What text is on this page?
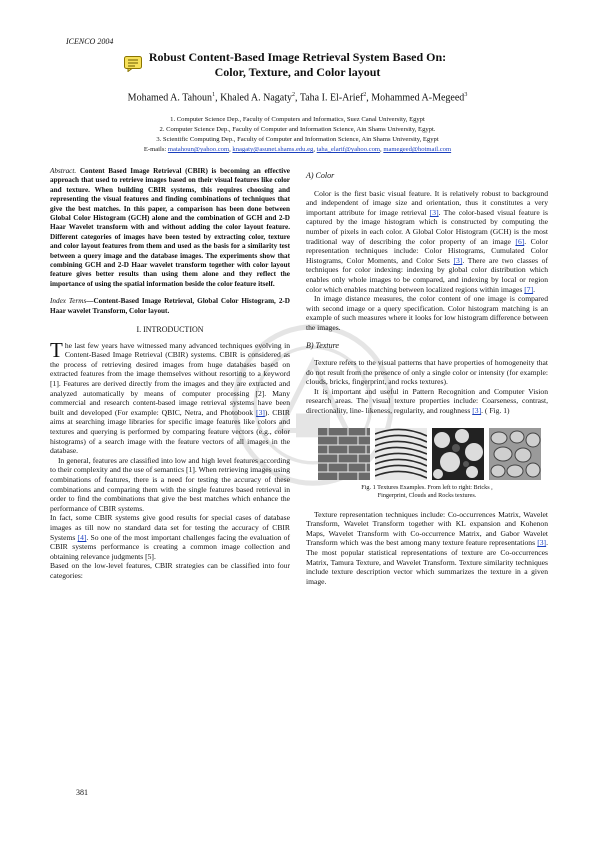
ICENCO 2004
Robust Content-Based Image Retrieval System Based On:
Color, Texture, and Color layout
Mohamed A. Tahoun$^1$, Khaled A. Nagaty$^2$, Taha I. El-Arief$^2$, Mohammed A-Megeed$^3$
1. Computer Science Dep., Faculty of Computers and Informatics, Suez Canal University, Egypt
2. Computer Science Dep., Faculty of Computer and Information Science, Ain Shams University, Egypt.
3. Scientific Computing Dep., Faculty of Computer and Information Science, Ain Shams University, Egypt
E-mails: matahoun@yahoo.com, knagaty@asunet.shams.edu.eg, taha_elarif@yahoo.com, mamegeed@hotmail.com

Abstract. Content Based Image Retrieval (CBIR) is becoming an effective approach that used to retrieve images based on their visual features like color and texture. When building CBIR systems, this requires choosing and representing the visual features and finding combinations of techniques that give the best matches. In this paper, a comparison has been done between Global Color Histogram (GCH) alone and the combination of GCH and 2-D Haar Wavelet transform with and without adding the color layout feature. Different categories of images have been tested by extracting color, texture and color layout features from them and used as the basis for a similarity test between a query image and the database images. The experiments show that combining GCH and 2-D Haar wavelet transform together with color layout feature gives better results than using them alone and they reflect the importance of using the spatial information beside the color feature itself.

Index Terms—Content-Based Image Retrieval, Global Color Histogram, 2-D Haar wavelet Transform, Color layout.

I. INTRODUCTION

The last few years have witnessed many advanced techniques evolving in Content-Based Image Retrieval (CBIR) systems. CBIR is considered as the process of retrieving desired images from huge databases based on extracted features from the image themselves without resorting to a keyword [1]. Features are derived directly from the images and they are extracted and analyzed automatically by means of computer processing [2]. Many commercial and research content-based image retrieval systems have been built and developed (For example: QBIC, Netra, and Photobook [3]). CBIR aims at searching image libraries for specific image features like colors and textures and querying is performed by comparing feature vectors (e.g., color histograms) of a search image with the feature vectors of all images in the database.

In general, features are classified into low and high level features according to their complexity and the use of semantics [1]. When retrieving images using combinations of features, there is a need for testing the accuracy of these combinations and comparing them with the single features based retrieval in order to find the combinations that give the best matches which enhance the performance of CBIR systems.

In fact, some CBIR systems give good results for special cases of database images as till now no standard data set for testing the accuracy of CBIR Systems [4]. So one of the most important challenges facing the evaluation of CBIR systems performance is creating a common image collection and obtaining relevance judgments [5].

Based on the low-level features, CBIR strategies can be classified into four categories:

A) Color

Color is the first basic visual feature. It is relatively robust to background and independent of image size and orientation, thus it constitutes a very important attribute for image retrieval [3]. The color-based visual feature is captured by the image histogram which is constructed by computing the number of pixels in each color. A Global Color Histogram (GCH) is the most traditional way of describing the color property of an image [6]. Color representation techniques include: Color Histograms, Cumulated Color Histograms, Color Moments, and Color Sets [3]. There are two classes of techniques for color indexing: indexing by global color distribution which enables only whole images to be compared, and indexing by local or region color which enables matching between localized regions within images [7].

In image distance measures, the color content of one image is compared with second image or a query specification. Color histogram matching is an example of such measures where it looks for low histogram difference between the images.

B) Texture

Texture refers to the visual patterns that have properties of homogeneity that do not result from the presence of only a single color or intensity (for example: clouds, bricks, fingerprint, and rocks textures).

It is important and useful in Pattern Recognition and Computer Vision research areas. The visual texture properties include: Coarseness, contrast, directionality, line- likeness, regularity, and roughness [3]. ( Fig. 1)

Fig. 1 Textures Examples. From left to right: Bricks ,
Fingerprint, Clouds and Rocks textures.

Texture representation techniques include: Co-occurrences Matrix, Wavelet Transform, Wavelet Transform together with KL expansion and Kohenon Maps, Wavelet Transform with Co-occurrence Matrix, and Gabor Wavelet Transform which was the best among many texture feature representations [3]. The most popular statistical representations of texture are Co-occurrences Matrix, Tamura Texture, and Wavelet Transform. Texture similarity techniques include texture description vector which summarizes the texture in a given image.

381
